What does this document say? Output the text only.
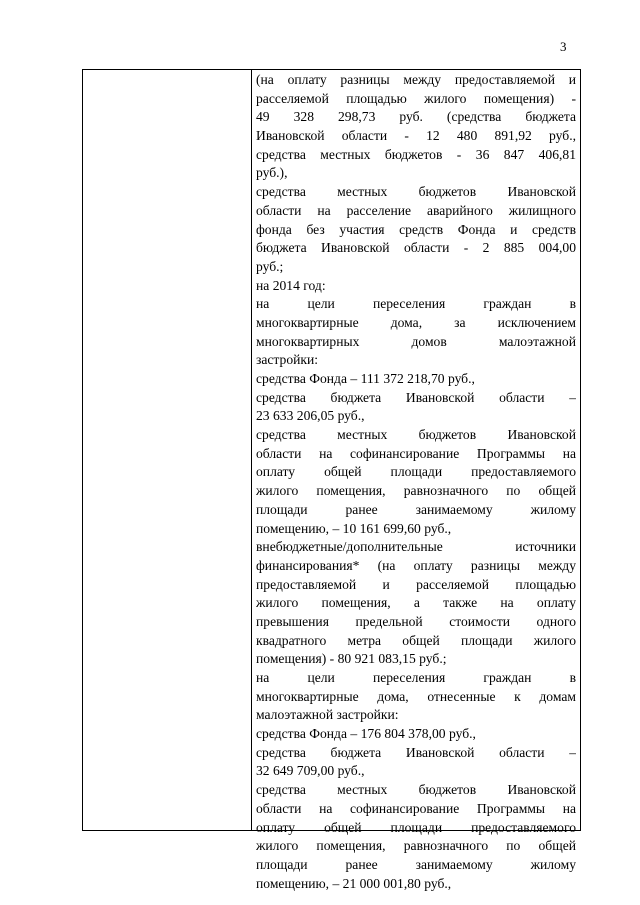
3
(на оплату разницы между предоставляемой и
расселяемой площадью жилого помещения) -
49 328 298,73 руб. (средства бюджета
Ивановской области - 12 480 891,92 руб.,
средства местных бюджетов - 36 847 406,81
руб.),
средства местных бюджетов Ивановской
области на расселение аварийного жилищного
фонда без участия средств Фонда и средств
бюджета Ивановской области - 2 885 004,00
руб.;
на 2014 год:
на цели переселения граждан в
многоквартирные дома, за исключением
многоквартирных домов малоэтажной
застройки:
средства Фонда – 111 372 218,70 руб.,
средства бюджета Ивановской области –
23 633 206,05 руб.,
средства местных бюджетов Ивановской
области на софинансирование Программы на
оплату общей площади предоставляемого
жилого помещения, равнозначного по общей
площади ранее занимаемому жилому
помещению, – 10 161 699,60 руб.,
внебюджетные/дополнительные источники
финансирования* (на оплату разницы между
предоставляемой и расселяемой площадью
жилого помещения, а также на оплату
превышения предельной стоимости одного
квадратного метра общей площади жилого
помещения) - 80 921 083,15 руб.;
на цели переселения граждан в
многоквартирные дома, отнесенные к домам
малоэтажной застройки:
средства Фонда – 176 804 378,00 руб.,
средства бюджета Ивановской области –
32 649 709,00 руб.,
средства местных бюджетов Ивановской
области на софинансирование Программы на
оплату общей площади предоставляемого
жилого помещения, равнозначного по общей
площади ранее занимаемому жилому
помещению, – 21 000 001,80 руб.,
